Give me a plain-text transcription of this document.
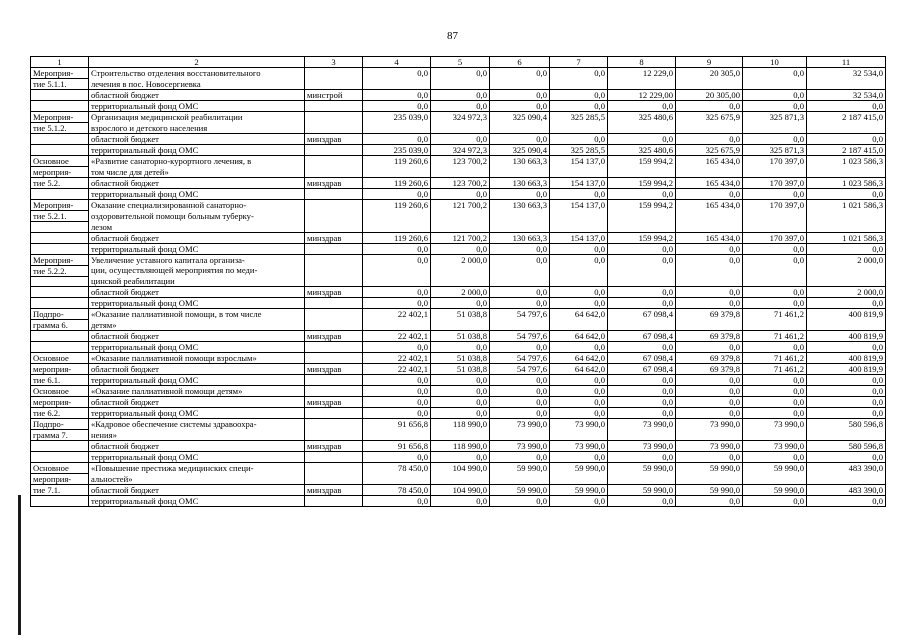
87
1	2	3	4	5	6	7	8	9	10	11
Мероприя-	Строительство отделения восстановительного		0,0	0,0	0,0	0,0	12 229,0	20 305,0	0,0	32 534,0
тие 5.1.1.	лечения в пос. Новосергиевка									
	областной бюджет	минстрой	0,0	0,0	0,0	0,0	12 229,00	20 305,00	0,0	32 534,0
	территориальный фонд ОМС		0,0	0,0	0,0	0,0	0,0	0,0	0,0	0,0
Мероприя-	Организация медицинской реабилитации		235 039,0	324 972,3	325 090,4	325 285,5	325 480,6	325 675,9	325 871,3	2 187 415,0
тие 5.1.2.	взрослого и детского населения									
	областной бюджет	минздрав	0,0	0,0	0,0	0,0	0,0	0,0	0,0	0,0
	территориальный фонд ОМС		235 039,0	324 972,3	325 090,4	325 285,5	325 480,6	325 675,9	325 871,3	2 187 415,0
Основное	«Развитие санаторно-курортного лечения, в		119 260,6	123 700,2	130 663,3	154 137,0	159 994,2	165 434,0	170 397,0	1 023 586,3
мероприя-	том числе для детей»									
тие 5.2.	областной бюджет	минздрав	119 260,6	123 700,2	130 663,3	154 137,0	159 994,2	165 434,0	170 397,0	1 023 586,3
	территориальный фонд ОМС		0,0	0,0	0,0	0,0	0,0	0,0	0,0	0,0
Мероприя-	Оказание специализированной санаторно-		119 260,6	121 700,2	130 663,3	154 137,0	159 994,2	165 434,0	170 397,0	1 021 586,3
тие 5.2.1.	оздоровительной помощи больным туберку-									
	лезом									
	областной бюджет	минздрав	119 260,6	121 700,2	130 663,3	154 137,0	159 994,2	165 434,0	170 397,0	1 021 586,3
	территориальный фонд ОМС		0,0	0,0	0,0	0,0	0,0	0,0	0,0	0,0
Мероприя-	Увеличение уставного капитала организа-		0,0	2 000,0	0,0	0,0	0,0	0,0	0,0	2 000,0
тие 5.2.2.	ции, осуществляющей мероприятия по меди-									
	цинской реабилитации									
	областной бюджет	минздрав	0,0	2 000,0	0,0	0,0	0,0	0,0	0,0	2 000,0
	территориальный фонд ОМС		0,0	0,0	0,0	0,0	0,0	0,0	0,0	0,0
Подпро-	«Оказание паллиативной помощи, в том числе		22 402,1	51 038,8	54 797,6	64 642,0	67 098,4	69 379,8	71 461,2	400 819,9
грамма 6.	детям»									
	областной бюджет	минздрав	22 402,1	51 038,8	54 797,6	64 642,0	67 098,4	69 379,8	71 461,2	400 819,9
	территориальный фонд ОМС		0,0	0,0	0,0	0,0	0,0	0,0	0,0	0,0
Основное	«Оказание паллиативной помощи взрослым»		22 402,1	51 038,8	54 797,6	64 642,0	67 098,4	69 379,8	71 461,2	400 819,9
мероприя-	областной бюджет	минздрав	22 402,1	51 038,8	54 797,6	64 642,0	67 098,4	69 379,8	71 461,2	400 819,9
тие 6.1.	территориальный фонд ОМС		0,0	0,0	0,0	0,0	0,0	0,0	0,0	0,0
Основное	«Оказание паллиативной помощи детям»		0,0	0,0	0,0	0,0	0,0	0,0	0,0	0,0
мероприя-	областной бюджет	минздрав	0,0	0,0	0,0	0,0	0,0	0,0	0,0	0,0
тие 6.2.	территориальный фонд ОМС		0,0	0,0	0,0	0,0	0,0	0,0	0,0	0,0
Подпро-	«Кадровое обеспечение системы здравоохра-		91 656,8	118 990,0	73 990,0	73 990,0	73 990,0	73 990,0	73 990,0	580 596,8
грамма 7.	нения»									
	областной бюджет	минздрав	91 656,8	118 990,0	73 990,0	73 990,0	73 990,0	73 990,0	73 990,0	580 596,8
	территориальный фонд ОМС		0,0	0,0	0,0	0,0	0,0	0,0	0,0	0,0
Основное	«Повышение престижа медицинских специ-		78 450,0	104 990,0	59 990,0	59 990,0	59 990,0	59 990,0	59 990,0	483 390,0
мероприя-	альностей»									
тие 7.1.	областной бюджет	минздрав	78 450,0	104 990,0	59 990,0	59 990,0	59 990,0	59 990,0	59 990,0	483 390,0
	территориальный фонд ОМС		0,0	0,0	0,0	0,0	0,0	0,0	0,0	0,0
